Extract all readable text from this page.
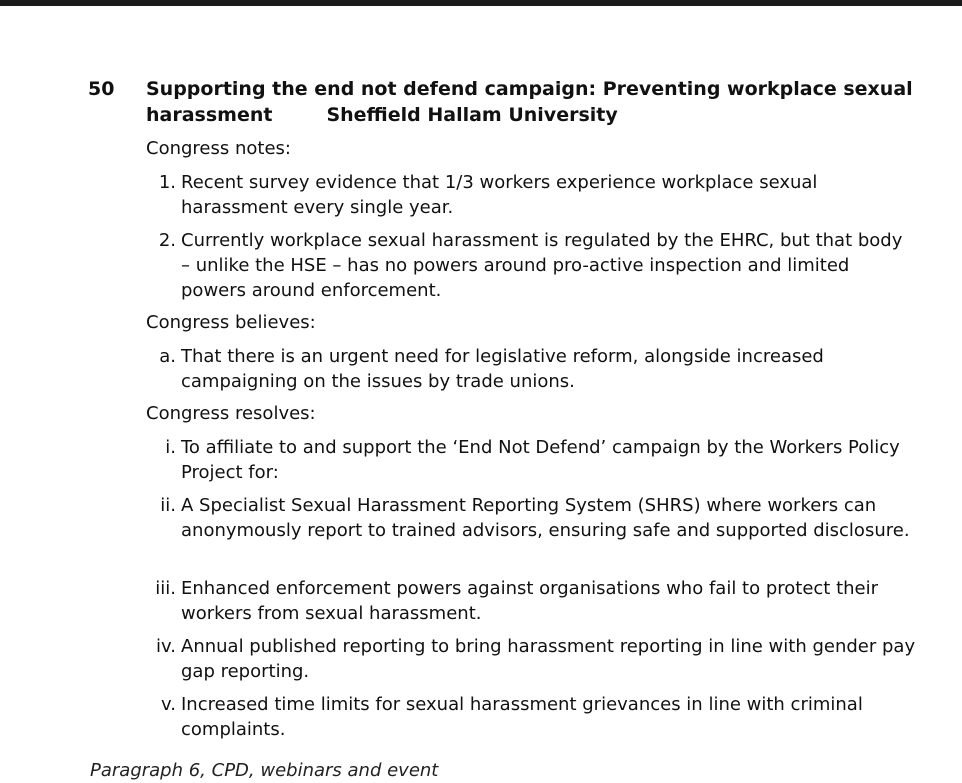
50 Supporting the end not defend campaign: Preventing workplace sexual harassment	Sheffield Hallam University
Congress notes:
1. Recent survey evidence that 1/3 workers experience workplace sexual harassment every single year.
2. Currently workplace sexual harassment is regulated by the EHRC, but that body – unlike the HSE – has no powers around pro-active inspection and limited powers around enforcement.
Congress believes:
a. That there is an urgent need for legislative reform, alongside increased campaigning on the issues by trade unions.
Congress resolves:
i. To affiliate to and support the ‘End Not Defend’ campaign by the Workers Policy Project for:
ii. A Specialist Sexual Harassment Reporting System (SHRS) where workers can anonymously report to trained advisors, ensuring safe and supported disclosure.
iii. Enhanced enforcement powers against organisations who fail to protect their workers from sexual harassment.
iv. Annual published reporting to bring harassment reporting in line with gender pay gap reporting.
v. Increased time limits for sexual harassment grievances in line with criminal complaints.
Paragraph 6, CPD, webinars and event
